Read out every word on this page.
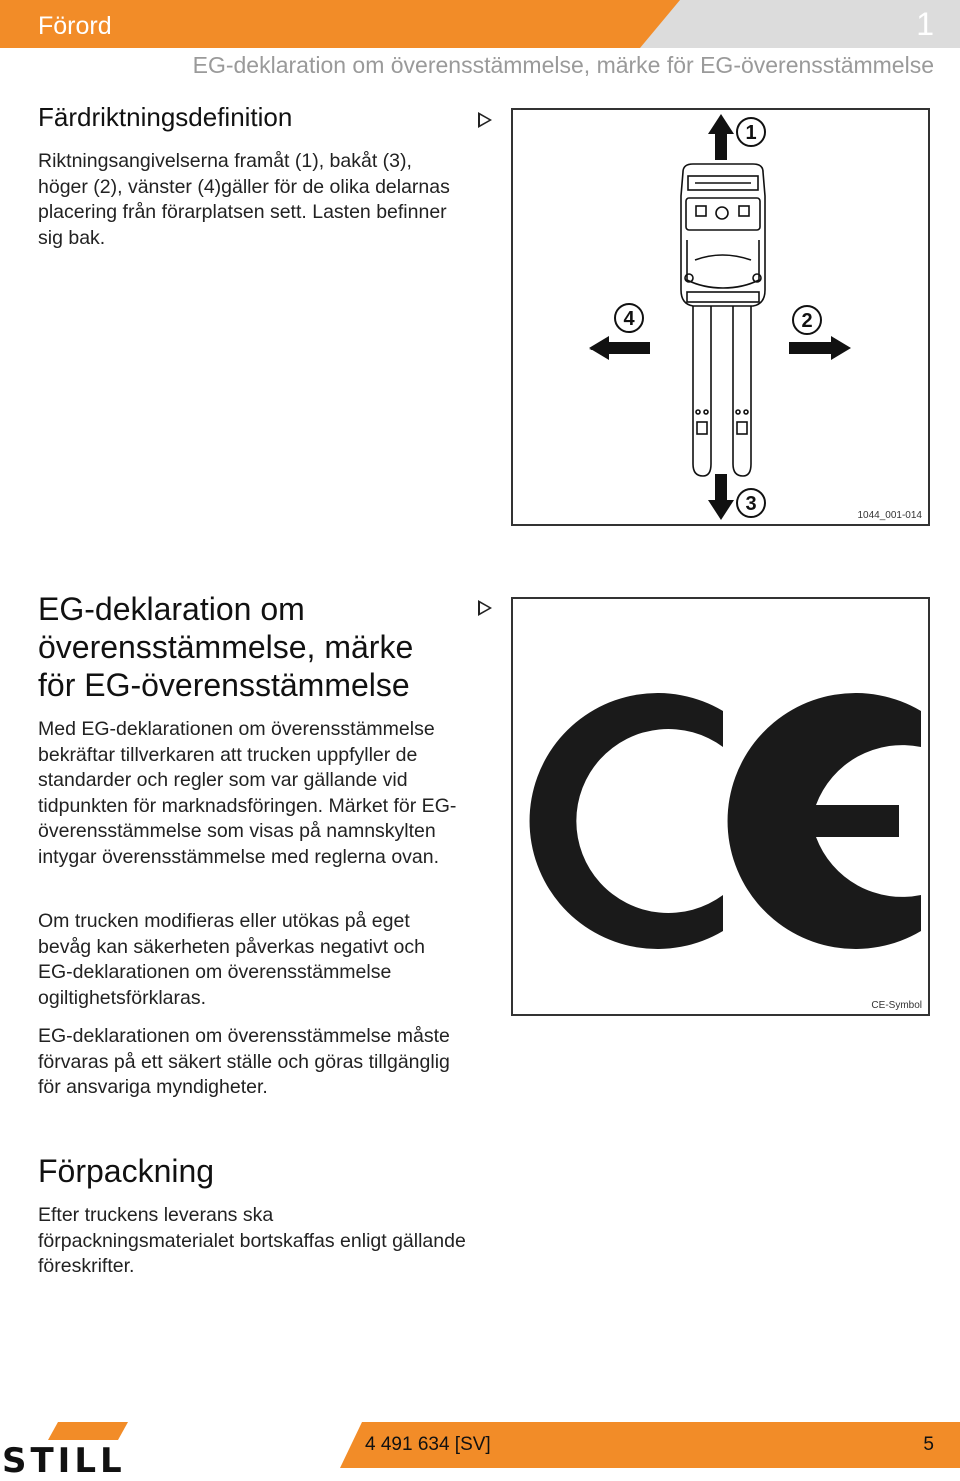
Förord	1
EG-deklaration om överensstämmelse, märke för EG-överensstämmelse
Färdriktningsdefinition

Riktningsangivelserna framåt (1), bakåt (3), höger (2), vänster (4)gäller för de olika delarnas placering från förarplatsen sett. Lasten befinner sig bak.

1
2
3
4
1044_001-014
EG-deklaration om överensstämmelse, märke för EG-överensstämmelse

Med EG-deklarationen om överensstämmelse bekräftar tillverkaren att trucken uppfyller de standarder och regler som var gällande vid tidpunkten för marknadsföringen. Märket för EG-överensstämmelse som visas på namnskylten intygar överensstämmelse med reglerna ovan.

Om trucken modifieras eller utökas på eget bevåg kan säkerheten påverkas negativt och EG-deklarationen om överensstämmelse ogiltighetsförklaras.

EG-deklarationen om överensstämmelse måste förvaras på ett säkert ställe och göras tillgänglig för ansvariga myndigheter.

CE-Symbol
Förpackning

Efter truckens leverans ska förpackningsmaterialet bortskaffas enligt gällande föreskrifter.

STILL	4 491 634 [SV]	5
